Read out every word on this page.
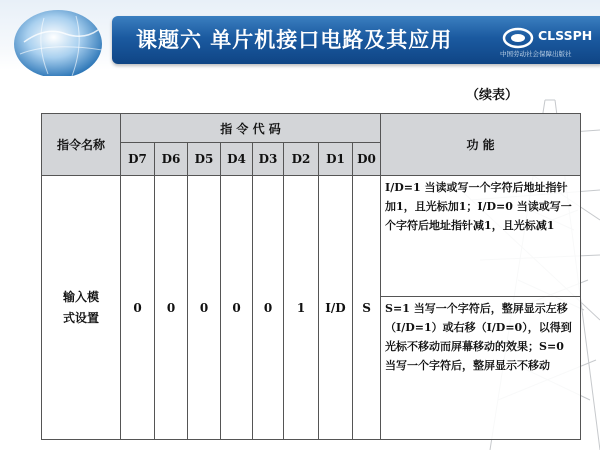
课题六 单片机接口电路及其应用	CLSSPH
中国劳动社会保障出版社
（续表）
指令名称	指 令 代 码								功 能
	D7	D6	D5	D4	D3	D2	D1	D0	

输入模式设置	0	0	0	0	0	1	I/D	S	I/D=1 当读或写一个字符后地址指针加1，且光标加1；I/D=0 当读或写一个字符后地址指针减1，且光标减1
									S=1 当写一个字符后，整屏显示左移（I/D=1）或右移（I/D=0），以得到光标不移动而屏幕移动的效果；S=0 当写一个字符后，整屏显示不移动
